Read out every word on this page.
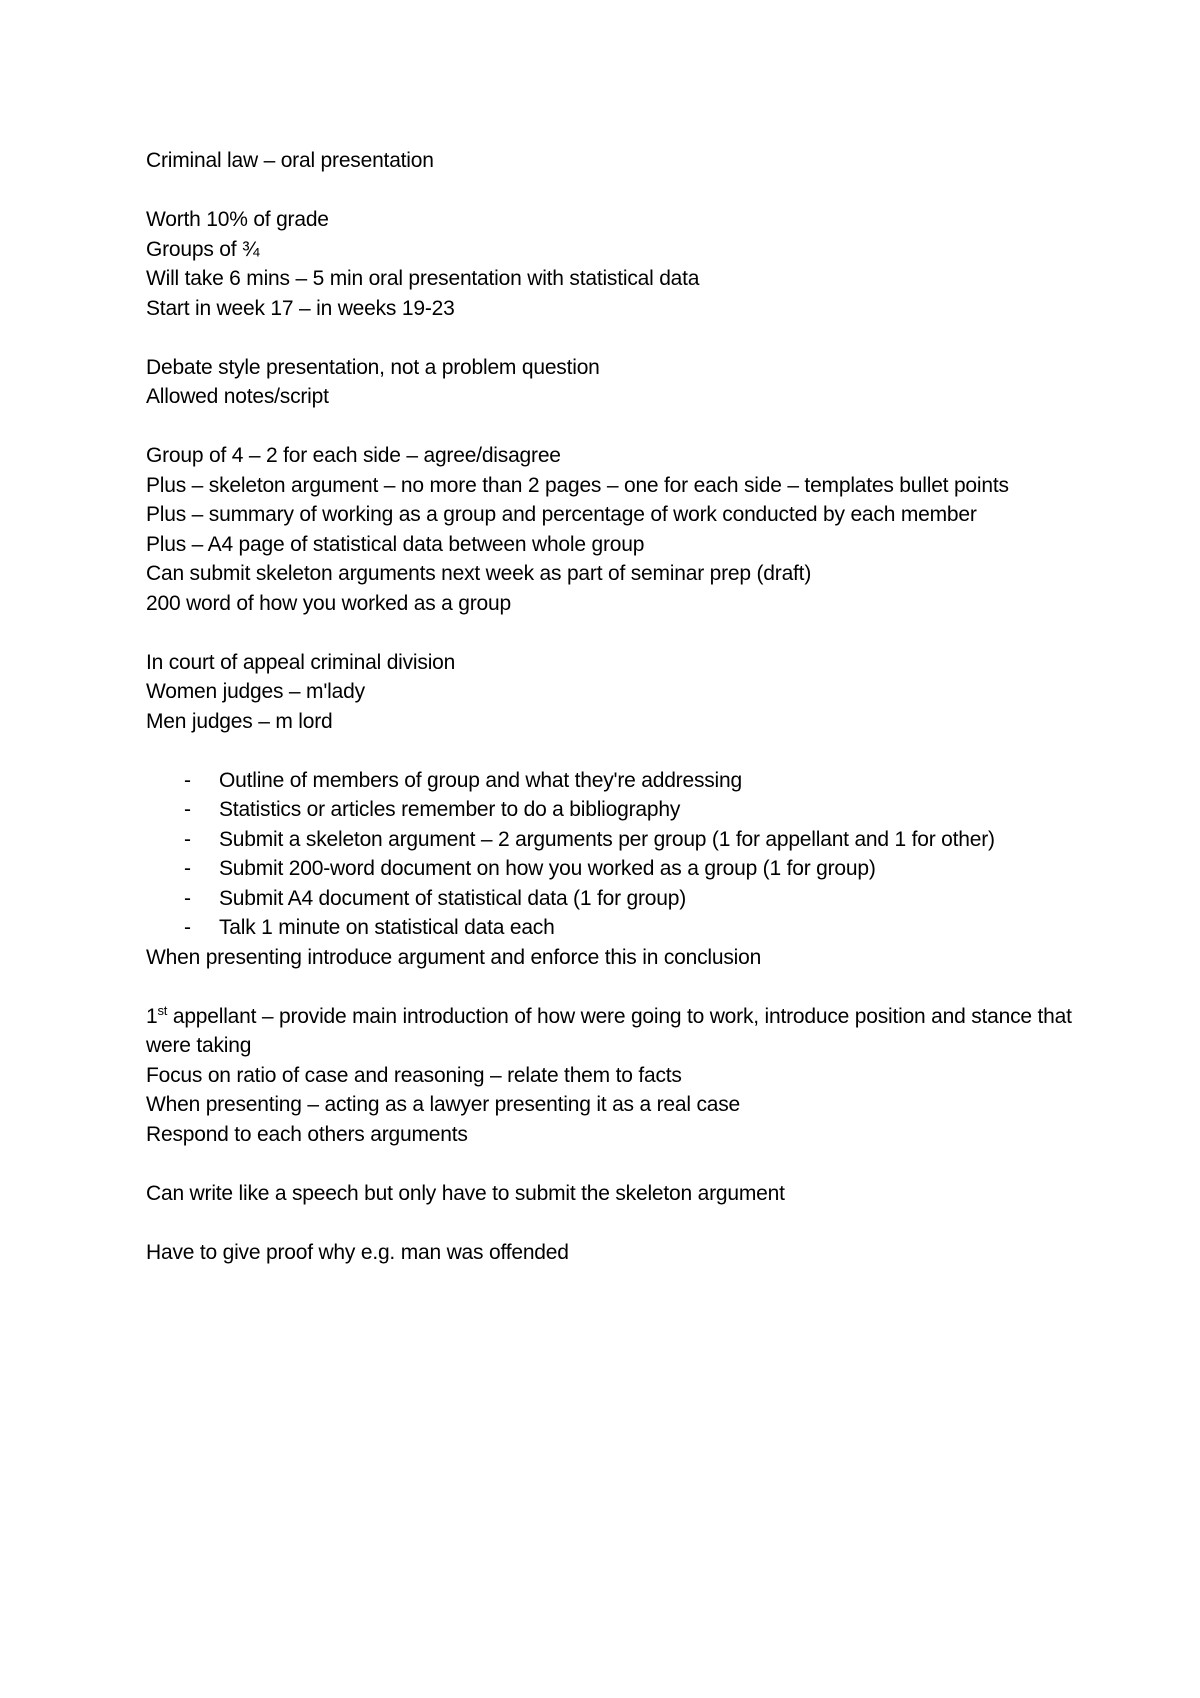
Criminal law – oral presentation

Worth 10% of grade

Groups of ¾

Will take 6 mins – 5 min oral presentation with statistical data

Start in week 17 – in weeks 19-23

Debate style presentation, not a problem question

Allowed notes/script

Group of 4 – 2 for each side – agree/disagree

Plus – skeleton argument – no more than 2 pages – one for each side – templates bullet points

Plus – summary of working as a group and percentage of work conducted by each member

Plus – A4 page of statistical data between whole group

Can submit skeleton arguments next week as part of seminar prep (draft)

200 word of how you worked as a group

In court of appeal criminal division

Women judges – m'lady

Men judges – m lord

- Outline of members of group and what they're addressing
- Statistics or articles remember to do a bibliography
- Submit a skeleton argument – 2 arguments per group (1 for appellant and 1 for other)
- Submit 200-word document on how you worked as a group (1 for group)
- Submit A4 document of statistical data (1 for group)
- Talk 1 minute on statistical data each

When presenting introduce argument and enforce this in conclusion

1st appellant – provide main introduction of how were going to work, introduce position and stance that were taking

Focus on ratio of case and reasoning – relate them to facts

When presenting – acting as a lawyer presenting it as a real case

Respond to each others arguments

Can write like a speech but only have to submit the skeleton argument

Have to give proof why e.g. man was offended
